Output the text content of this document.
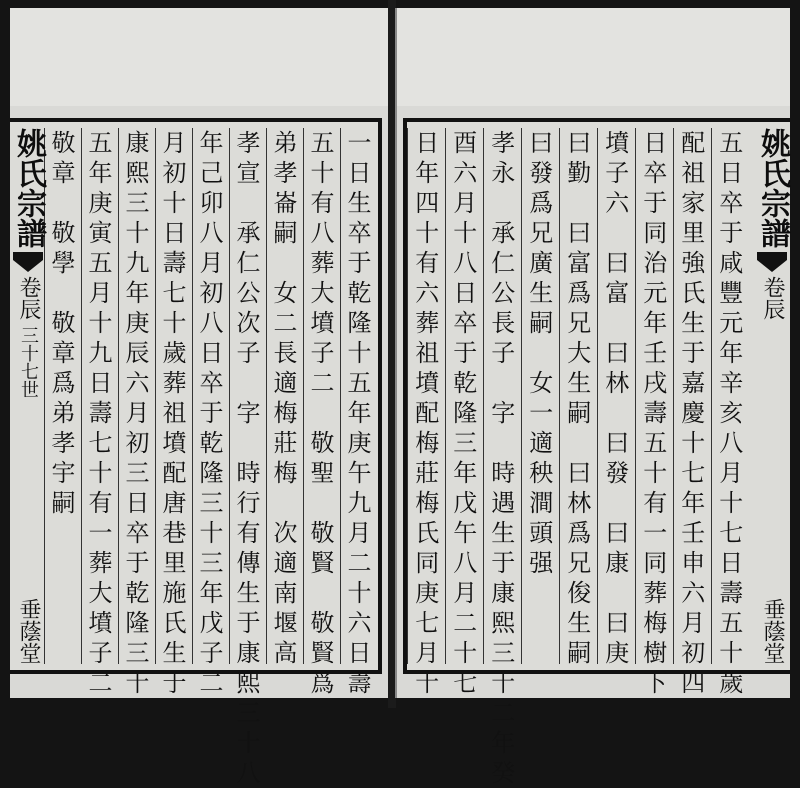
一
日
生
卒
于
乾
隆
十
五
年
庚
午
九
月
二
十
六
日
壽
五
十
有
八
葬
大
墳
子
二

敬
聖

敬
賢

敬
賢
爲
弟
孝
崙
嗣

女
二
長
適
梅
莊
梅

次
適
南
堰
高
孝
宣

承
仁
公
次
子

字

時
行
有
傳
生
于
康
熙
三
十
八
年
己
卯
八
月
初
八
日
卒
于
乾
隆
三
十
三
年
戊
子
二
月
初
十
日
壽
七
十
歲
葬
祖
墳
配
唐
巷
里
施
氏
生
于
康
熙
三
十
九
年
庚
辰
六
月
初
三
日
卒
于
乾
隆
三
十
五
年
庚
寅
五
月
十
九
日
壽
七
十
有
一
葬
大
墳
子
二
敬
章

敬
學

敬
章
爲
弟
孝
宇
嗣
姚氏宗譜
卷辰
三十七世
垂蔭堂
五
日
卒
于
咸
豐
元
年
辛
亥
八
月
十
七
日
壽
五
十
歲
配
祖
家
里
強
氏
生
于
嘉
慶
十
七
年
壬
申
六
月
初
四
日
卒
于
同
治
元
年
壬
戌
壽
五
十
有
一
同
葬
梅
樹
下
墳
子
六

曰
富

曰
林

曰
發

曰
康

曰
庚
曰
勤

曰
富
爲
兄
大
生
嗣

曰
林
爲
兄
俊
生
嗣
曰
發
爲
兄
廣
生
嗣

女
一
適
秧
澗
頭
强
孝
永

承
仁
公
長
子

字

時
遇
生
于
康
熙
三
十
二
年
癸
酉
六
月
十
八
日
卒
于
乾
隆
三
年
戊
午
八
月
二
十
七
日
年
四
十
有
六
葬
祖
墳
配
梅
莊
梅
氏
同
庚
七
月
十
姚氏宗譜
卷辰
垂蔭堂
